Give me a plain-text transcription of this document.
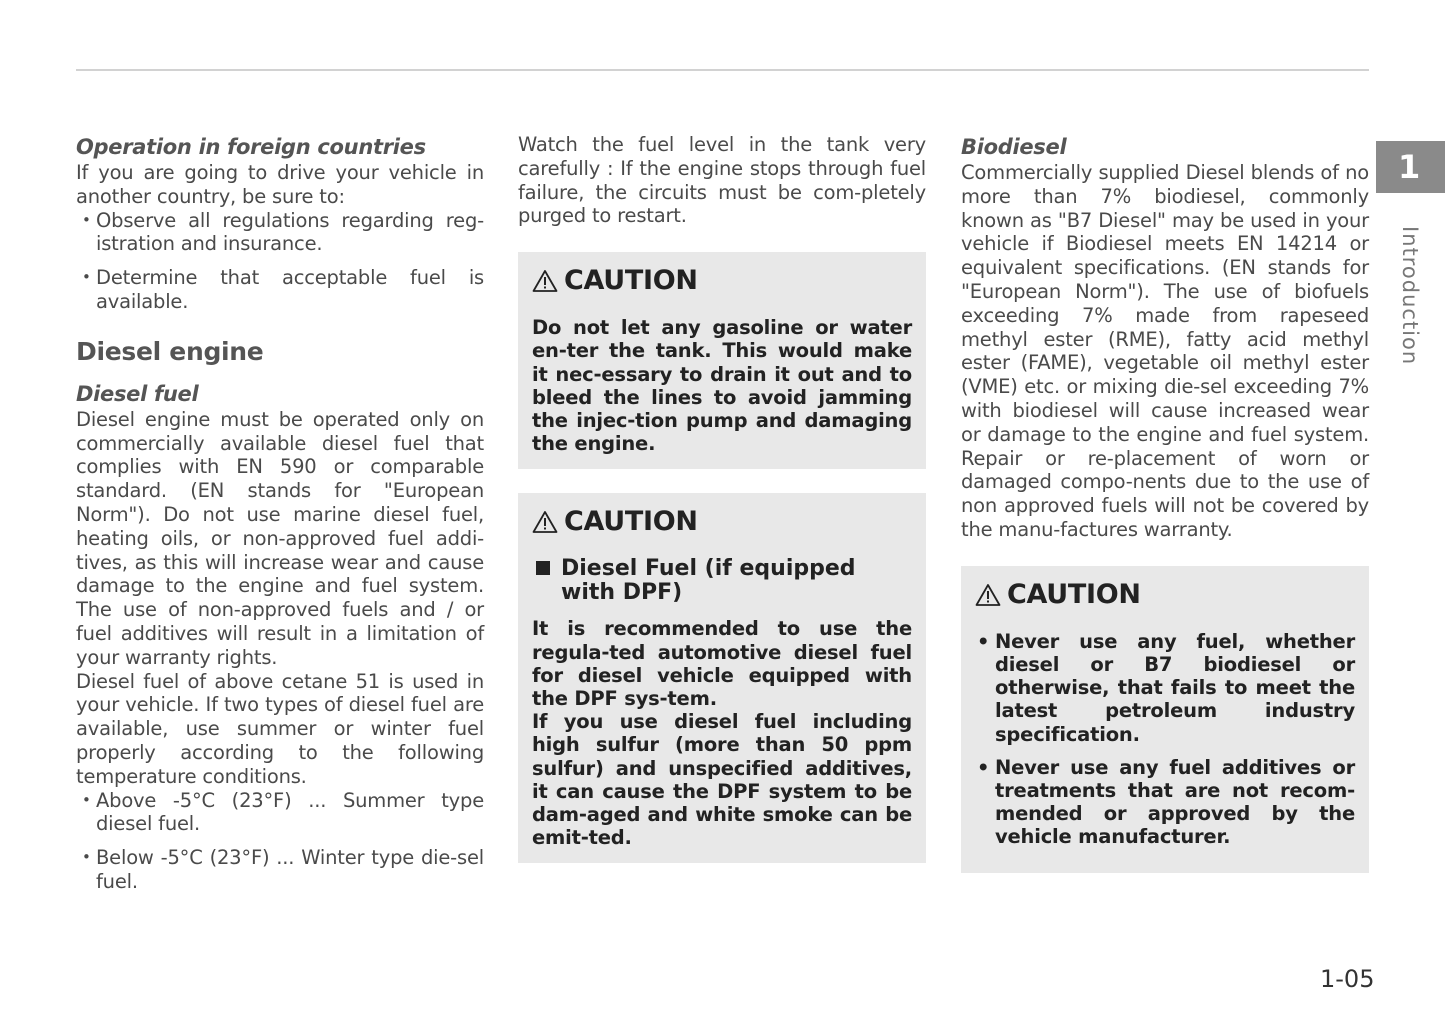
Operation in foreign countries

If you are going to drive your vehicle in another country, be sure to:

• Observe all regulations regarding reg-istration and insurance.
• Determine that acceptable fuel is available.
Diesel engine
Diesel fuel

Diesel engine must be operated only on commercially available diesel fuel that complies with EN 590 or comparable standard. (EN stands for "European Norm"). Do not use marine diesel fuel, heating oils, or non-approved fuel addi-tives, as this will increase wear and cause damage to the engine and fuel system. The use of non-approved fuels and / or fuel additives will result in a limitation of your warranty rights.

Diesel fuel of above cetane 51 is used in your vehicle. If two types of diesel fuel are available, use summer or winter fuel properly according to the following temperature conditions.

• Above -5°C (23°F) ... Summer type diesel fuel.
• Below -5°C (23°F) ... Winter type die-sel fuel.

Watch the fuel level in the tank very carefully : If the engine stops through fuel failure, the circuits must be com-pletely purged to restart.

CAUTION

Do not let any gasoline or water en-ter the tank. This would make it nec-essary to drain it out and to bleed the lines to avoid jamming the injec-tion pump and damaging the engine.

CAUTION
Diesel Fuel (if equipped with DPF)

It is recommended to use the regula-ted automotive diesel fuel for diesel vehicle equipped with the DPF sys-tem.

If you use diesel fuel including high sulfur (more than 50 ppm sulfur) and unspecified additives, it can cause the DPF system to be dam-aged and white smoke can be emit-ted.

Biodiesel

Commercially supplied Diesel blends of no more than 7% biodiesel, commonly known as "B7 Diesel" may be used in your vehicle if Biodiesel meets EN 14214 or equivalent specifications. (EN stands for "European Norm"). The use of biofuels exceeding 7% made from rapeseed methyl ester (RME), fatty acid methyl ester (FAME), vegetable oil methyl ester (VME) etc. or mixing die-sel exceeding 7% with biodiesel will cause increased wear or damage to the engine and fuel system. Repair or re-placement of worn or damaged compo-nents due to the use of non approved fuels will not be covered by the manu-factures warranty.

CAUTION
• Never use any fuel, whether diesel or B7 biodiesel or otherwise, that fails to meet the latest petroleum industry specification.
• Never use any fuel additives or treatments that are not recom-mended or approved by the vehicle manufacturer.
1
Introduction
1-05
